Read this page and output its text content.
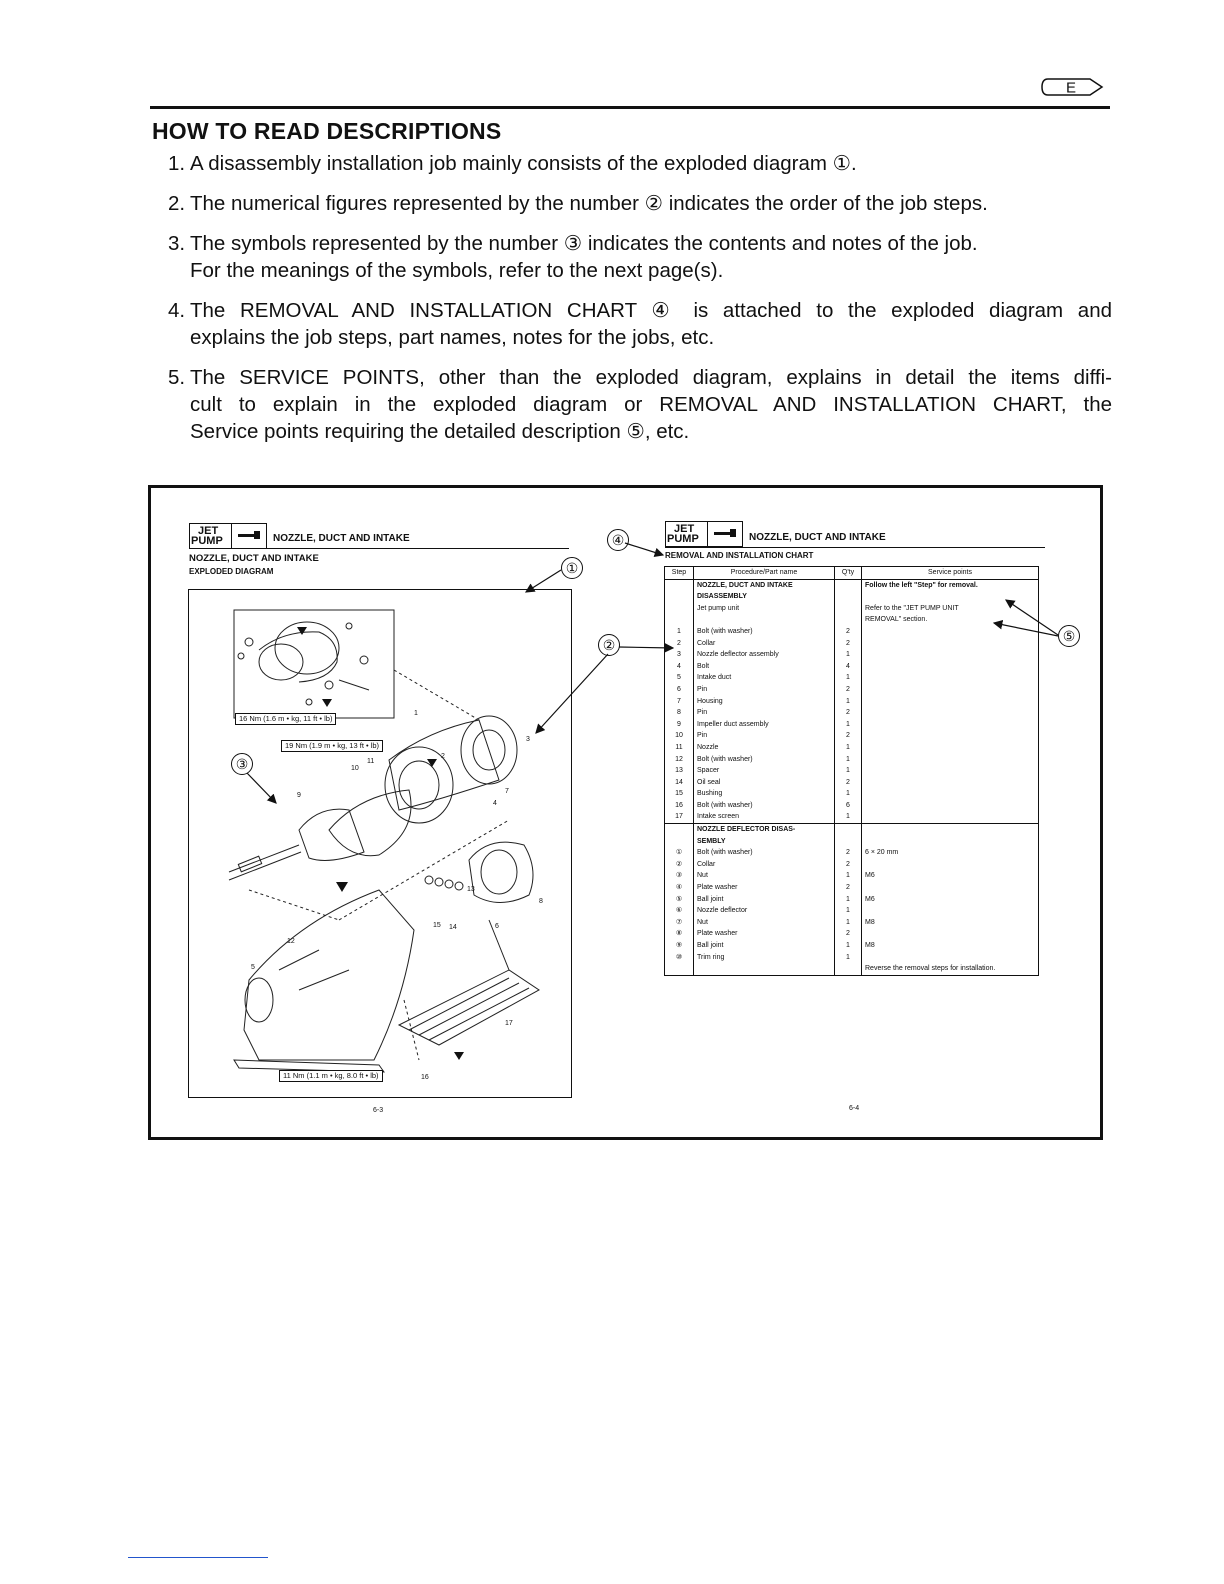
E
HOW TO READ DESCRIPTIONS
1. A disassembly installation job mainly consists of the exploded diagram ①.
2. The numerical figures represented by the number ② indicates the order of the job steps.
3. The symbols represented by the number ③ indicates the contents and notes of the job.
For the meanings of the symbols, refer to the next page(s).
4. The REMOVAL AND INSTALLATION CHART ④ is attached to the exploded diagram and
explains the job steps, part names, notes for the jobs, etc.
5. The SERVICE POINTS, other than the exploded diagram, explains in detail the items diffi-
cult to explain in the exploded diagram or REMOVAL AND INSTALLATION CHART, the
Service points requiring the detailed description ⑤, etc.
JET
PUMP	NOZZLE, DUCT AND INTAKE
NOZZLE, DUCT AND INTAKE
EXPLODED DIAGRAM
16 Nm (1.6 m • kg, 11 ft • lb)
19 Nm (1.9 m • kg, 13 ft • lb)
11 Nm (1.1 m • kg, 8.0 ft • lb)
1
2
3
4
5
6
7
8
9
10
11
12
13
14
15
16
17
6-3
JET
PUMP	NOZZLE, DUCT AND INTAKE
REMOVAL AND INSTALLATION CHART
Step	Procedure/Part name	Q'ty	Service points
	NOZZLE, DUCT AND INTAKE		Follow the left "Step" for removal.
	DISASSEMBLY		
	Jet pump unit		Refer to the "JET PUMP UNIT
			REMOVAL" section.
1	Bolt (with washer)	2	
2	Collar	2	
3	Nozzle deflector assembly	1	
4	Bolt	4	
5	Intake duct	1	
6	Pin	2	
7	Housing	1	
8	Pin	2	
9	Impeller duct assembly	1	
10	Pin	2	
11	Nozzle	1	
12	Bolt (with washer)	1	
13	Spacer	1	
14	Oil seal	2	
15	Bushing	1	
16	Bolt (with washer)	6	
17	Intake screen	1	
	NOZZLE DEFLECTOR DISAS-		
	SEMBLY		
①	Bolt (with washer)	2	6 × 20 mm
②	Collar	2	
③	Nut	1	M6
④	Plate washer	2	
⑤	Ball joint	1	M6
⑥	Nozzle deflector	1	
⑦	Nut	1	M8
⑧	Plate washer	2	
⑨	Ball joint	1	M8
⑩	Trim ring	1	
			Reverse the removal steps for installation.
6-4
①
②
③
④
⑤
